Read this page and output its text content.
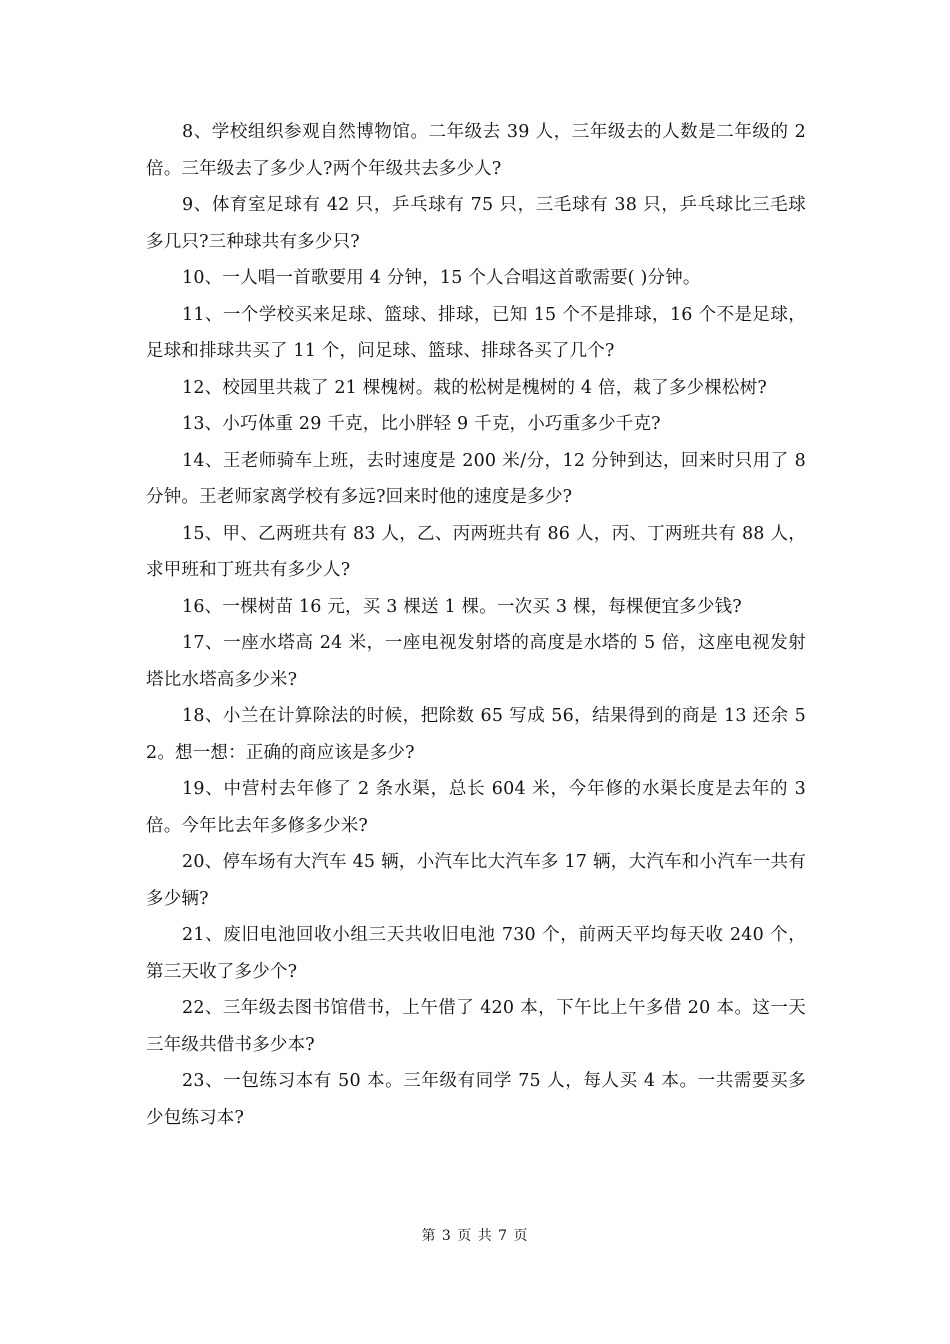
8、学校组织参观自然博物馆。二年级去 39 人，三年级去的人数是二年级的 2 倍。三年级去了多少人?两个年级共去多少人?

9、体育室足球有 42 只，乒乓球有 75 只，三毛球有 38 只，乒乓球比三毛球多几只?三种球共有多少只?

10、一人唱一首歌要用 4 分钟，15 个人合唱这首歌需要( )分钟。

11、一个学校买来足球、篮球、排球，已知 15 个不是排球，16 个不是足球，足球和排球共买了 11 个，问足球、篮球、排球各买了几个?

12、校园里共栽了 21 棵槐树。栽的松树是槐树的 4 倍，栽了多少棵松树?

13、小巧体重 29 千克，比小胖轻 9 千克，小巧重多少千克?

14、王老师骑车上班，去时速度是 200 米/分，12 分钟到达，回来时只用了 8 分钟。王老师家离学校有多远?回来时他的速度是多少?

15、甲、乙两班共有 83 人，乙、丙两班共有 86 人，丙、丁两班共有 88 人，求甲班和丁班共有多少人?

16、一棵树苗 16 元，买 3 棵送 1 棵。一次买 3 棵，每棵便宜多少钱?

17、一座水塔高 24 米，一座电视发射塔的高度是水塔的 5 倍，这座电视发射塔比水塔高多少米?

18、小兰在计算除法的时候，把除数 65 写成 56，结果得到的商是 13 还余 52。想一想：正确的商应该是多少?

19、中营村去年修了 2 条水渠，总长 604 米，今年修的水渠长度是去年的 3 倍。今年比去年多修多少米?

20、停车场有大汽车 45 辆，小汽车比大汽车多 17 辆，大汽车和小汽车一共有多少辆?

21、废旧电池回收小组三天共收旧电池 730 个，前两天平均每天收 240 个，第三天收了多少个?

22、三年级去图书馆借书，上午借了 420 本，下午比上午多借 20 本。这一天三年级共借书多少本?

23、一包练习本有 50 本。三年级有同学 75 人，每人买 4 本。一共需要买多少包练习本?

第 3 页 共 7 页
